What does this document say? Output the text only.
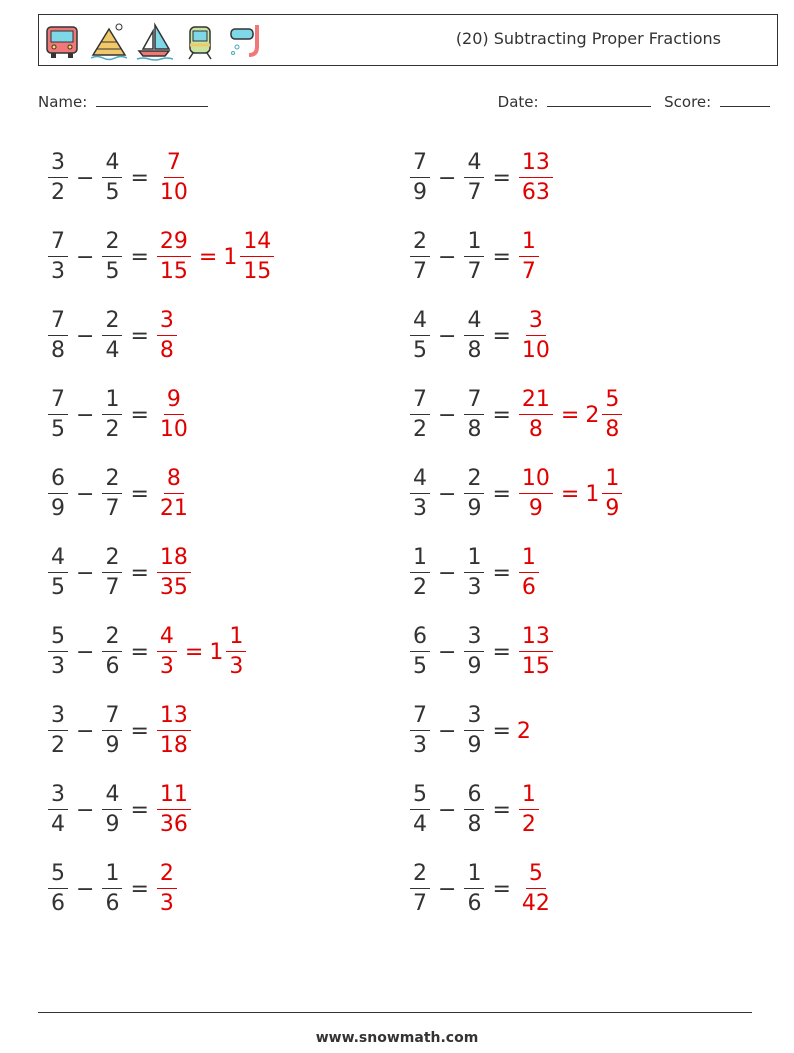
(20) Subtracting Proper Fractions
Name:	Date:	Score:
$\frac{3}{2} - \frac{4}{5} = \frac{7}{10}$	$\frac{7}{9} - \frac{4}{7} = \frac{13}{63}$
$\frac{7}{3} - \frac{2}{5} = \frac{29}{15} = 1 \frac{14}{15}$	$\frac{2}{7} - \frac{1}{7} = \frac{1}{7}$
$\frac{7}{8} - \frac{2}{4} = \frac{3}{8}$	$\frac{4}{5} - \frac{4}{8} = \frac{3}{10}$
$\frac{7}{5} - \frac{1}{2} = \frac{9}{10}$	$\frac{7}{2} - \frac{7}{8} = \frac{21}{8} = 2 \frac{5}{8}$
$\frac{6}{9} - \frac{2}{7} = \frac{8}{21}$	$\frac{4}{3} - \frac{2}{9} = \frac{10}{9} = 1 \frac{1}{9}$
$\frac{4}{5} - \frac{2}{7} = \frac{18}{35}$	$\frac{1}{2} - \frac{1}{3} = \frac{1}{6}$
$\frac{5}{3} - \frac{2}{6} = \frac{4}{3} = 1 \frac{1}{3}$	$\frac{6}{5} - \frac{3}{9} = \frac{13}{15}$
$\frac{3}{2} - \frac{7}{9} = \frac{13}{18}$	$\frac{7}{3} - \frac{3}{9} = 2$
$\frac{3}{4} - \frac{4}{9} = \frac{11}{36}$	$\frac{5}{4} - \frac{6}{8} = \frac{1}{2}$
$\frac{5}{6} - \frac{1}{6} = \frac{2}{3}$	$\frac{2}{7} - \frac{1}{6} = \frac{5}{42}$
www.snowmath.com
